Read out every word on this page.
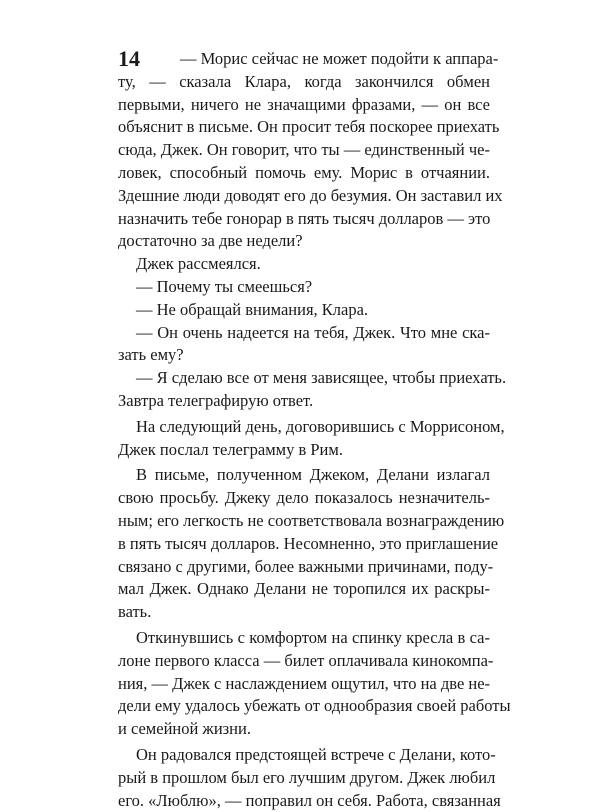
14	— Морис сейчас не может подойти к аппара-
ту, — сказала Клара, когда закончился обмен
первыми, ничего не значащими фразами, — он все
объяснит в письме. Он просит тебя поскорее приехать
сюда, Джек. Он говорит, что ты — единственный че-
ловек, способный помочь ему. Морис в отчаянии.
Здешние люди доводят его до безумия. Он заставил их
назначить тебе гонорар в пять тысяч долларов — это
достаточно за две недели?
Джек рассмеялся.
— Почему ты смеешься?
— Не обращай внимания, Клара.
— Он очень надеется на тебя, Джек. Что мне ска-
зать ему?
— Я сделаю все от меня зависящее, чтобы приехать.
Завтра телеграфирую ответ.
На следующий день, договорившись с Моррисоном,
Джек послал телеграмму в Рим.
В письме, полученном Джеком, Делани излагал
свою просьбу. Джеку дело показалось незначитель-
ным; его легкость не соответствовала вознаграждению
в пять тысяч долларов. Несомненно, это приглашение
связано с другими, более важными причинами, поду-
мал Джек. Однако Делани не торопился их раскры-
вать.
Откинувшись с комфортом на спинку кресла в са-
лоне первого класса — билет оплачивала кинокомпа-
ния, — Джек с наслаждением ощутил, что на две не-
дели ему удалось убежать от однообразия своей работы
и семейной жизни.
Он радовался предстоящей встрече с Делани, кото-
рый в прошлом был его лучшим другом. Джек любил
его. «Люблю», — поправил он себя. Работа, связанная
